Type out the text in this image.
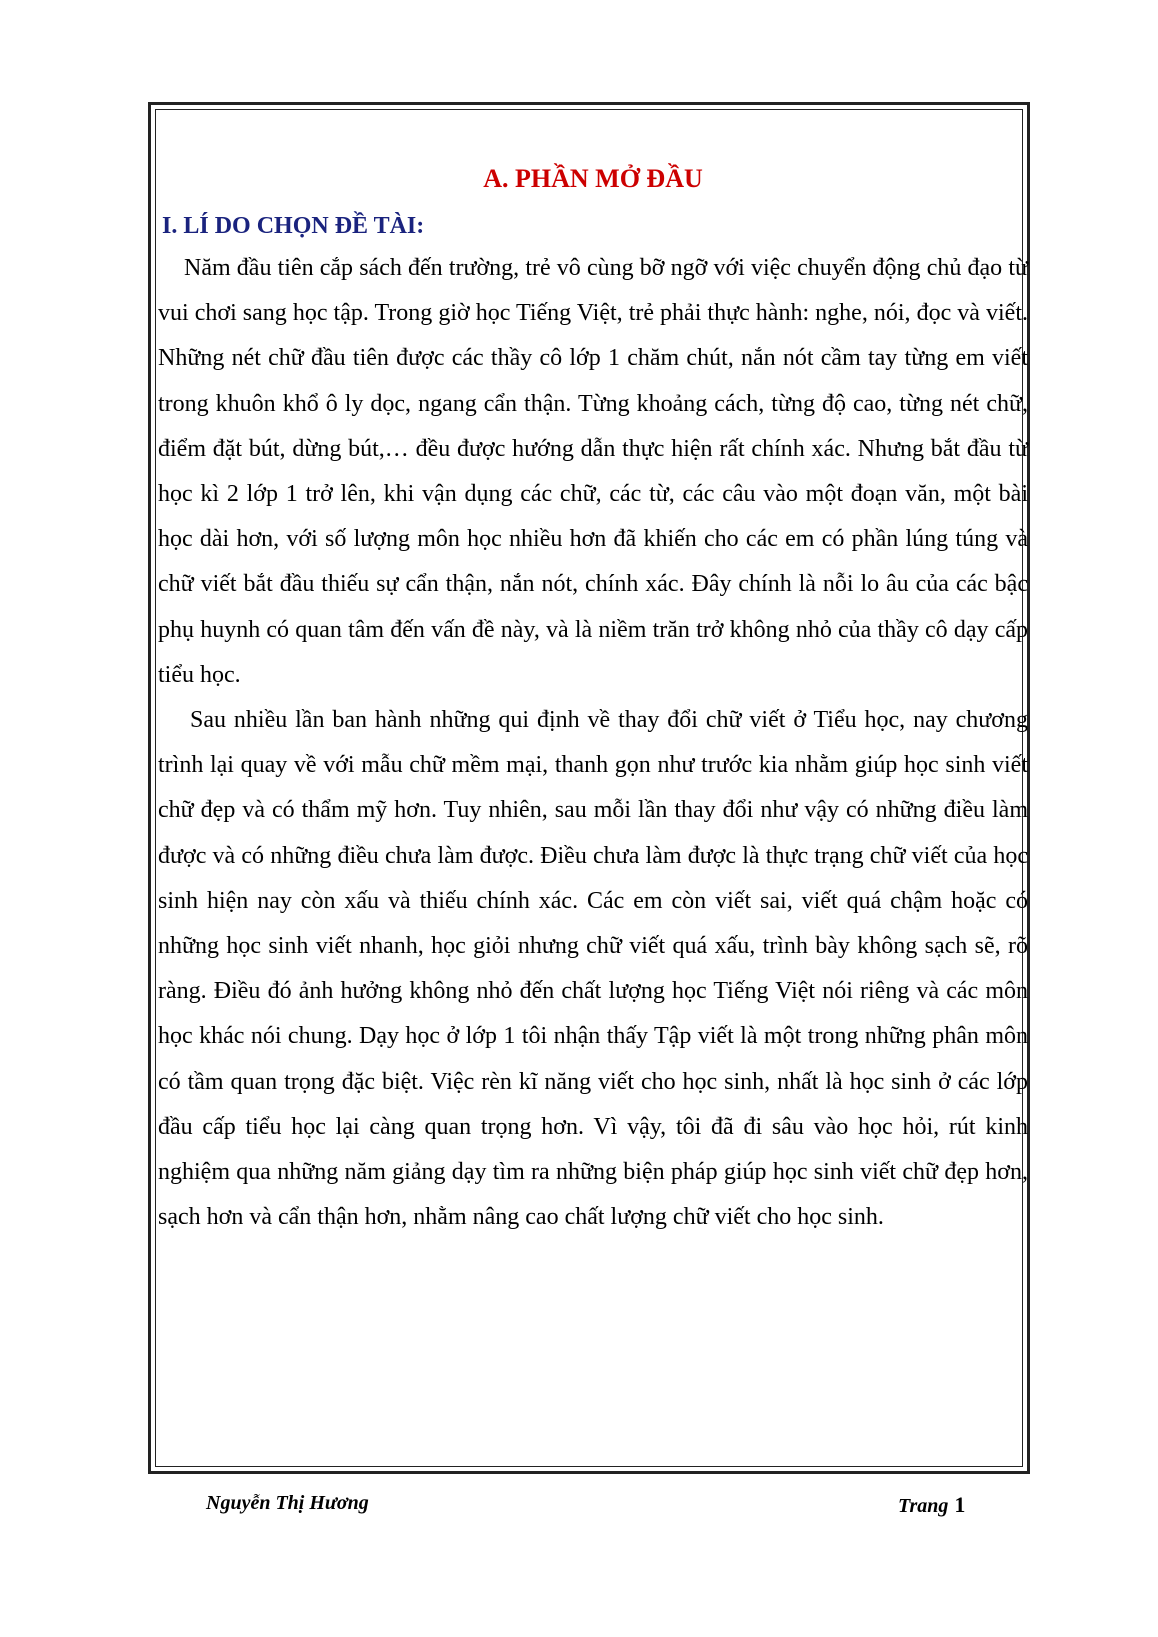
A. PHẦN MỞ ĐẦU
I. LÍ DO CHỌN ĐỀ TÀI:

Năm đầu tiên cắp sách đến trường, trẻ vô cùng bỡ ngỡ với việc chuyển động chủ đạo từ vui chơi sang học tập. Trong giờ học Tiếng Việt, trẻ phải thực hành: nghe, nói, đọc và viết. Những nét chữ đầu tiên được các thầy cô lớp 1 chăm chút, nắn nót cầm tay từng em viết trong khuôn khổ ô ly dọc, ngang cẩn thận. Từng khoảng cách, từng độ cao, từng nét chữ, điểm đặt bút, dừng bút,… đều được hướng dẫn thực hiện rất chính xác. Nhưng bắt đầu từ học kì 2 lớp 1 trở lên, khi vận dụng các chữ, các từ, các câu vào một đoạn văn, một bài học dài hơn, với số lượng môn học nhiều hơn đã khiến cho các em có phần lúng túng và chữ viết bắt đầu thiếu sự cẩn thận, nắn nót, chính xác. Đây chính là nỗi lo âu của các bậc phụ huynh có quan tâm đến vấn đề này, và là niềm trăn trở không nhỏ của thầy cô dạy cấp tiểu học.

Sau nhiều lần ban hành những qui định về thay đổi chữ viết ở Tiểu học, nay chương trình lại quay về với mẫu chữ mềm mại, thanh gọn như trước kia nhằm giúp học sinh viết chữ đẹp và có thẩm mỹ hơn. Tuy nhiên, sau mỗi lần thay đổi như vậy có những điều làm được và có những điều chưa làm được. Điều chưa làm được là thực trạng chữ viết của học sinh hiện nay còn xấu và thiếu chính xác. Các em còn viết sai, viết quá chậm hoặc có những học sinh viết nhanh, học giỏi nhưng chữ viết quá xấu, trình bày không sạch sẽ, rõ ràng. Điều đó ảnh hưởng không nhỏ đến chất lượng học Tiếng Việt nói riêng và các môn học khác nói chung. Dạy học ở lớp 1 tôi nhận thấy Tập viết là một trong những phân môn có tầm quan trọng đặc biệt. Việc rèn kĩ năng viết cho học sinh, nhất là học sinh ở các lớp đầu cấp tiểu học lại càng quan trọng hơn. Vì vậy, tôi đã đi sâu vào học hỏi, rút kinh nghiệm qua những năm giảng dạy tìm ra những biện pháp giúp học sinh viết chữ đẹp hơn, sạch hơn và cẩn thận hơn, nhằm nâng cao chất lượng chữ viết cho học sinh.

Nguyễn Thị Hương	Trang 1
